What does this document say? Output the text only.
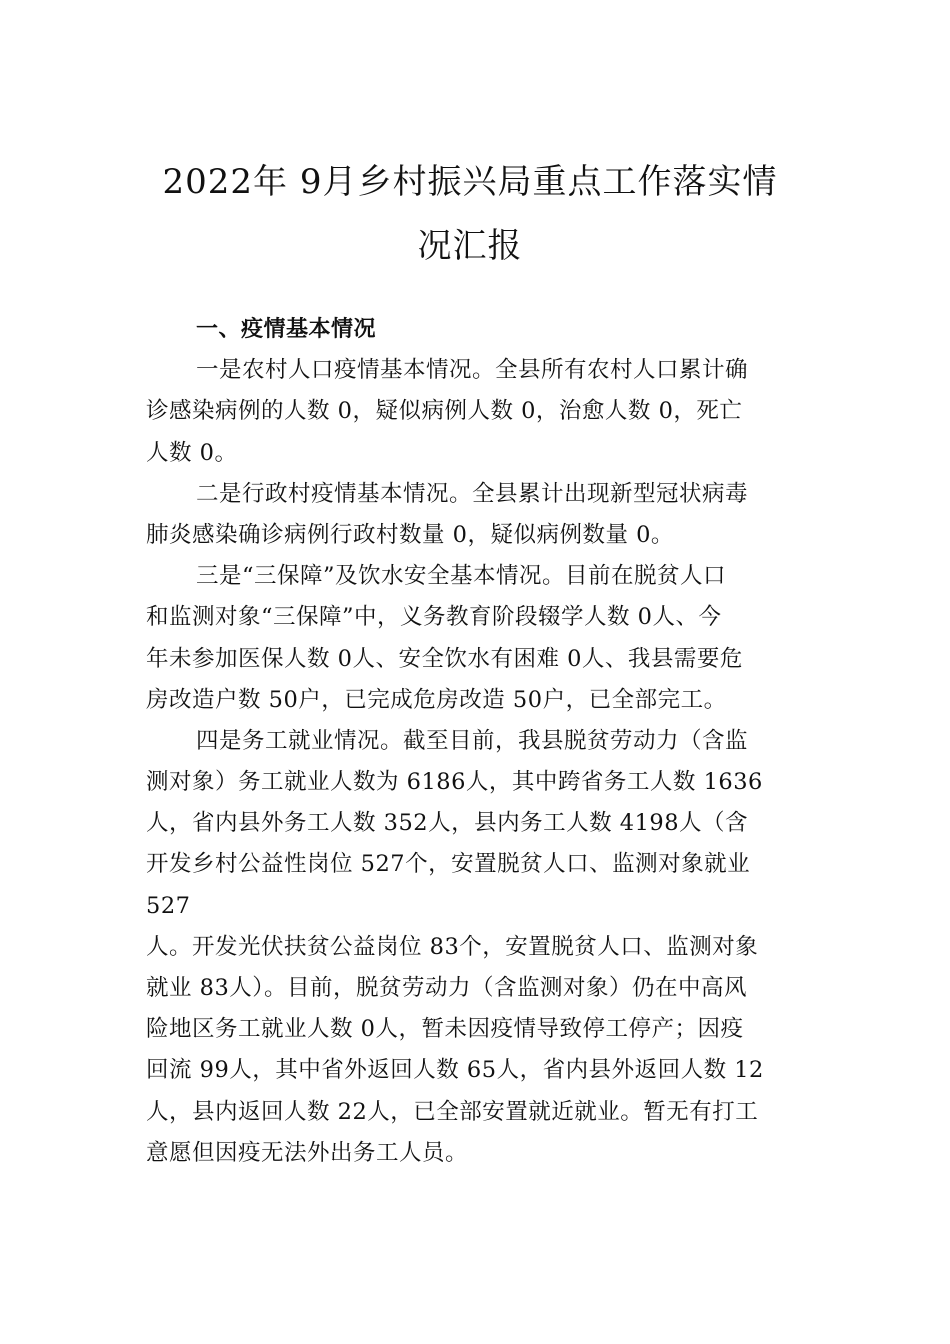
2022年 9月乡村振兴局重点工作落实情
况汇报
一、疫情基本情况
一是农村人口疫情基本情况。全县所有农村人口累计确
诊感染病例的人数 0，疑似病例人数 0，治愈人数 0，死亡
人数 0。
二是行政村疫情基本情况。全县累计出现新型冠状病毒
肺炎感染确诊病例行政村数量 0，疑似病例数量 0。
三是“三保障”及饮水安全基本情况。目前在脱贫人口
和监测对象“三保障”中，义务教育阶段辍学人数 0人、今
年未参加医保人数 0人、安全饮水有困难 0人、我县需要危
房改造户数 50户，已完成危房改造 50户，已全部完工。
四是务工就业情况。截至目前，我县脱贫劳动力（含监
测对象）务工就业人数为 6186人，其中跨省务工人数 1636
人，省内县外务工人数 352人，县内务工人数 4198人（含
开发乡村公益性岗位 527个，安置脱贫人口、监测对象就业
527
人。开发光伏扶贫公益岗位 83个，安置脱贫人口、监测对象
就业 83人）。目前，脱贫劳动力（含监测对象）仍在中高风
险地区务工就业人数 0人，暂未因疫情导致停工停产；因疫
回流 99人，其中省外返回人数 65人，省内县外返回人数 12
人，县内返回人数 22人，已全部安置就近就业。暂无有打工
意愿但因疫无法外出务工人员。
